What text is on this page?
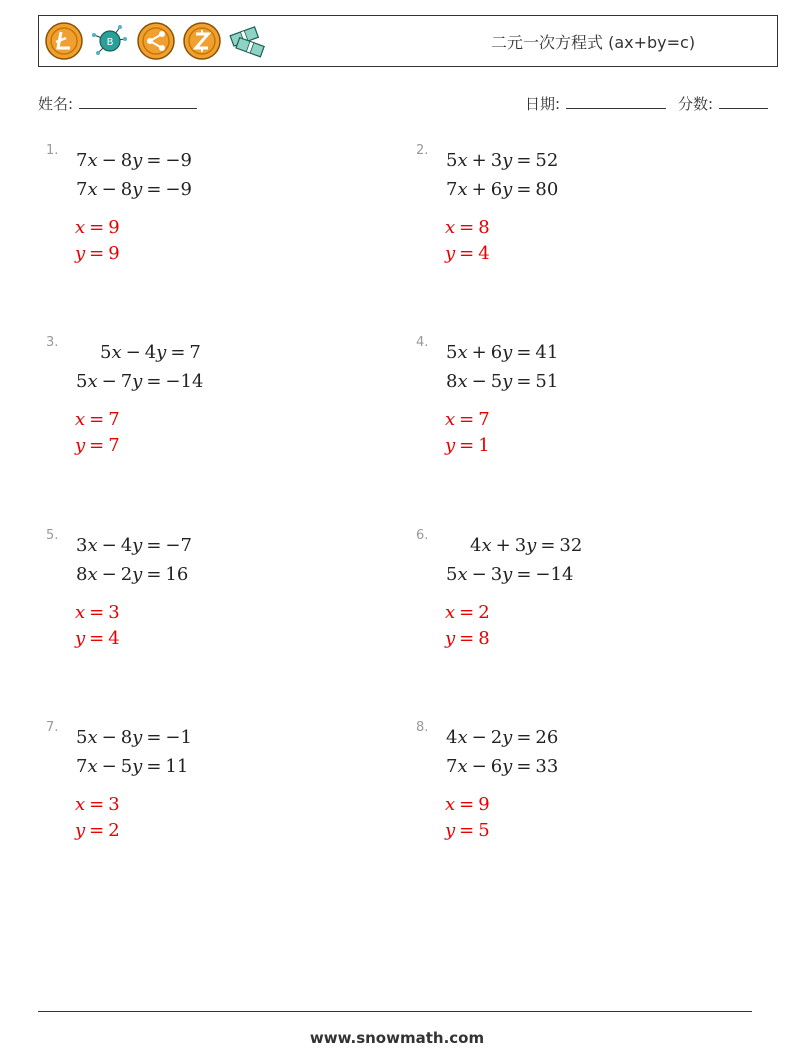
B	二元一次方程式 (ax+by=c)
姓名:	日期:	分数:
1. 7x − 8y = −9
7x − 8y = −9
x = 9
y = 9
2. 5x + 3y = 52
7x + 6y = 80
x = 8
y = 4
3. 5x − 4y = 7
5x − 7y = −14
x = 7
y = 7
4. 5x + 6y = 41
8x − 5y = 51
x = 7
y = 1
5. 3x − 4y = −7
8x − 2y = 16
x = 3
y = 4
6. 4x + 3y = 32
5x − 3y = −14
x = 2
y = 8
7. 5x − 8y = −1
7x − 5y = 11
x = 3
y = 2
8. 4x − 2y = 26
7x − 6y = 33
x = 9
y = 5
www.snowmath.com
